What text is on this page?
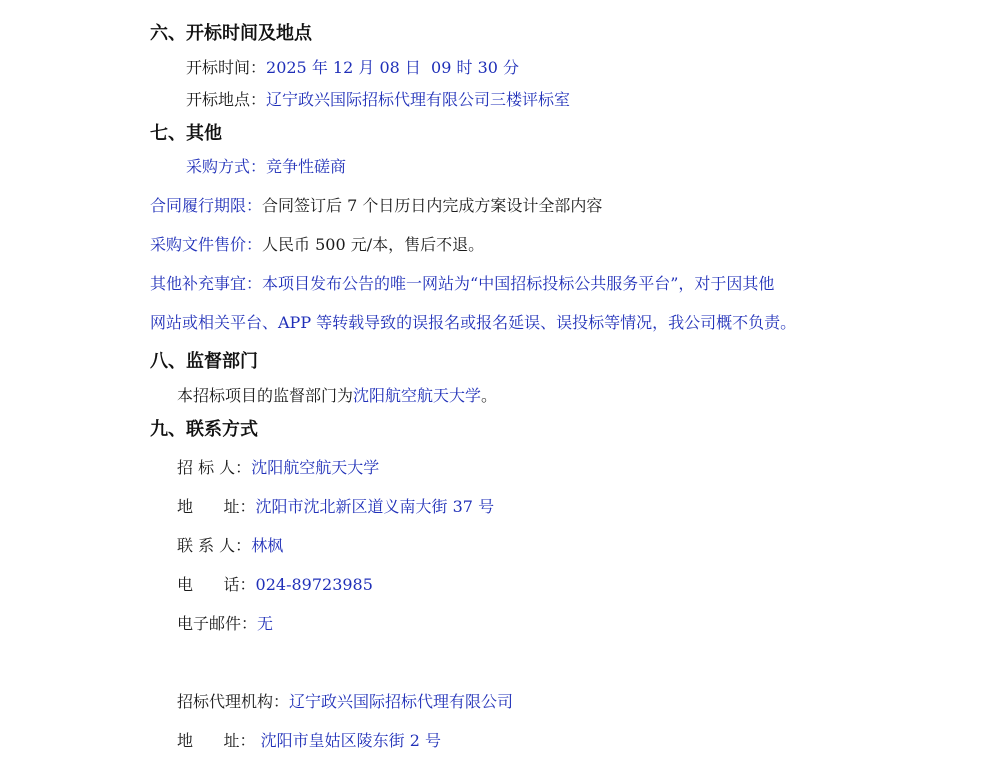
六、开标时间及地点
开标时间：2025 年 12 月 08 日  09 时 30 分
开标地点：辽宁政兴国际招标代理有限公司三楼评标室
七、其他
采购方式：竞争性磋商
合同履行期限：合同签订后 7 个日历日内完成方案设计全部内容
采购文件售价：人民币 500 元/本，售后不退。
其他补充事宜：本项目发布公告的唯一网站为“中国招标投标公共服务平台”，对于因其他
网站或相关平台、APP 等转载导致的误报名或报名延误、误投标等情况，我公司概不负责。
八、监督部门
本招标项目的监督部门为沈阳航空航天大学。
九、联系方式
招 标 人：沈阳航空航天大学
地      址：沈阳市沈北新区道义南大街 37 号
联 系 人：林枫
电      话：024-89723985
电子邮件：无
招标代理机构：辽宁政兴国际招标代理有限公司
地      址： 沈阳市皇姑区陵东街 2 号
